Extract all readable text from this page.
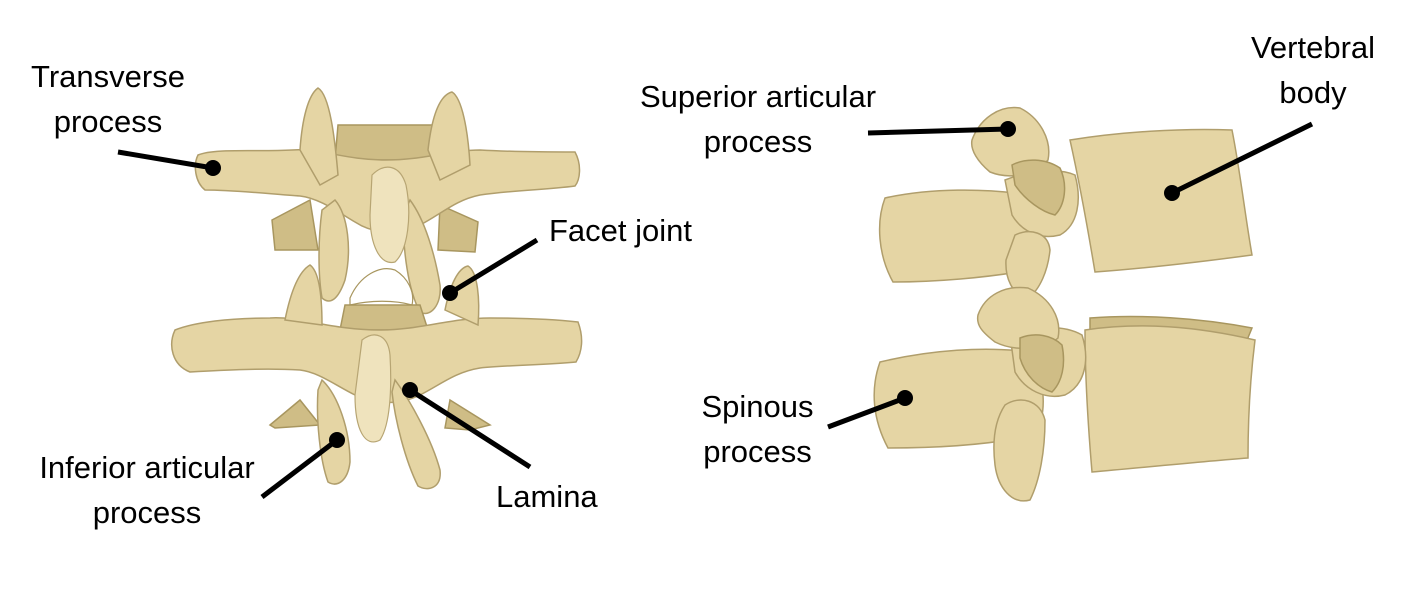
Transverse
process
Facet joint
Inferior articular
process	Lamina
Superior articular
process
Vertebral
body
Spinous
process
